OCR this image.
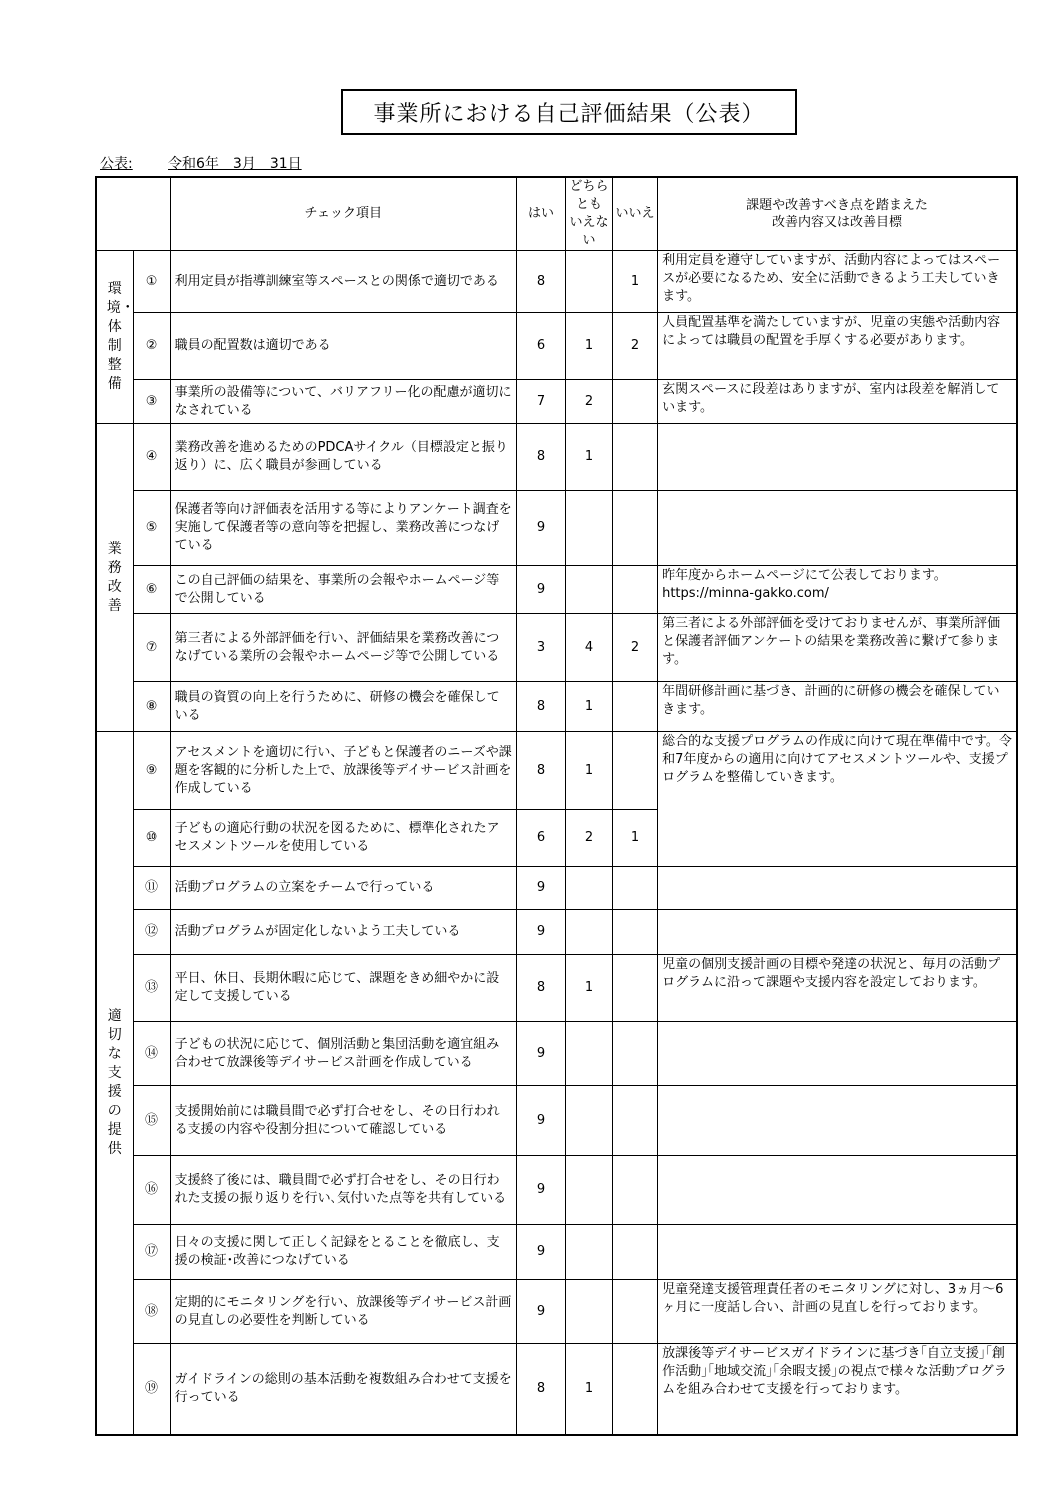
事業所における自己評価結果（公表）
公表:	令和6年　3月　31日
		チェック項目	はい	どちらとも
いえない	いいえ	課題や改善すべき点を踏まえた
改善内容又は改善目標
環境・体制整備	①	利用定員が指導訓練室等スペースとの関係で適切である	8		1	利用定員を遵守していますが、活動内容によってはスペースが必要になるため、安全に活動できるよう工夫していきます。
	②	職員の配置数は適切である	6	1	2	人員配置基準を満たしていますが、児童の実態や活動内容によっては職員の配置を手厚くする必要があります。
	③	事業所の設備等について、バリアフリー化の配慮が適切になされている	7	2		玄関スペースに段差はありますが、室内は段差を解消しています。
業務改善	④	業務改善を進めるためのPDCAサイクル（目標設定と振り返り）に、広く職員が参画している	8	1		
	⑤	保護者等向け評価表を活用する等によりアンケート調査を実施して保護者等の意向等を把握し、業務改善につなげている	9			
	⑥	この自己評価の結果を、事業所の会報やホームページ等で公開している	9			昨年度からホームページにて公表しております。
https://minna-gakko.com/
	⑦	第三者による外部評価を行い、評価結果を業務改善につなげている業所の会報やホームページ等で公開している	3	4	2	第三者による外部評価を受けておりませんが、事業所評価と保護者評価アンケートの結果を業務改善に繋げて参ります。
	⑧	職員の資質の向上を行うために、研修の機会を確保している	8	1		年間研修計画に基づき、計画的に研修の機会を確保していきます。
適切な支援の提供	⑨	アセスメントを適切に行い、子どもと保護者のニーズや課題を客観的に分析した上で、放課後等デイサービス計画を作成している	8	1		総合的な支援プログラムの作成に向けて現在準備中です。令和7年度からの適用に向けてアセスメントツールや、支援プログラムを整備していきます。
	⑩	子どもの適応行動の状況を図るために、標準化されたアセスメントツールを使用している	6	2	1	
	⑪	活動プログラムの立案をチームで行っている	9			
	⑫	活動プログラムが固定化しないよう工夫している	9			
	⑬	平日、休日、長期休暇に応じて、課題をきめ細やかに設定して支援している	8	1		児童の個別支援計画の目標や発達の状況と、毎月の活動プログラムに沿って課題や支援内容を設定しております。
	⑭	子どもの状況に応じて、個別活動と集団活動を適宜組み合わせて放課後等デイサービス計画を作成している	9			
	⑮	支援開始前には職員間で必ず打合せをし、その日行われる支援の内容や役割分担について確認している	9			
	⑯	支援終了後には、職員間で必ず打合せをし、その日行われた支援の振り返りを行い､気付いた点等を共有している	9			
	⑰	日々の支援に関して正しく記録をとることを徹底し、支援の検証･改善につなげている	9			
	⑱	定期的にモニタリングを行い、放課後等デイサービス計画の見直しの必要性を判断している	9			児童発達支援管理責任者のモニタリングに対し、3ヵ月～6ヶ月に一度話し合い、計画の見直しを行っております。
	⑲	ガイドラインの総則の基本活動を複数組み合わせて支援を行っている	8	1		放課後等デイサービスガイドラインに基づき｢自立支援｣｢創作活動｣｢地域交流｣｢余暇支援｣の視点で様々な活動プログラムを組み合わせて支援を行っております。
